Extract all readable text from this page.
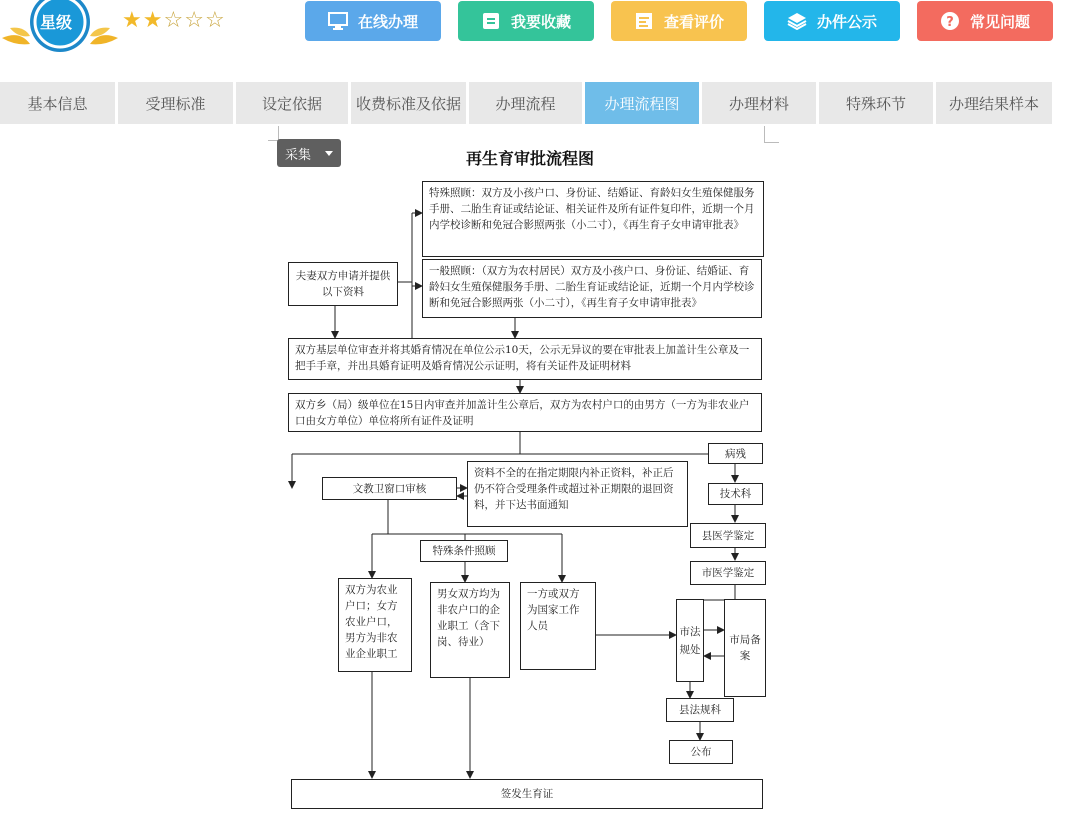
星级 ★★☆☆☆	在线办理	我要收藏	查看评价	办件公示	? 常见问题
基本信息	受理标准	设定依据	收费标准及依据	办理流程	办理流程图	办理材料	特殊环节	办理结果样本
采集	再生育审批流程图
夫妻双方申请并提供以下资料
特殊照顾：双方及小孩户口、身份证、结婚证、育龄妇女生殖保健服务手册、二胎生育证或结论证、相关证件及所有证件复印件，近期一个月内学校诊断和免冠合影照两张（小二寸），《再生育子女申请审批表》
一般照顾：（双方为农村居民）双方及小孩户口、身份证、结婚证、育龄妇女生殖保健服务手册、二胎生育证或结论证，近期一个月内学校诊断和免冠合影照两张（小二寸），《再生育子女申请审批表》
双方基层单位审查并将其婚育情况在单位公示10天，公示无异议的要在审批表上加盖计生公章及一把手手章，并出具婚育证明及婚育情况公示证明，将有关证件及证明材料
双方乡（局）级单位在15日内审查并加盖计生公章后，双方为农村户口的由男方（一方为非农业户口由女方单位）单位将所有证件及证明
文教卫窗口审核
资料不全的在指定期限内补正资料，补正后仍不符合受理条件或超过补正期限的退回资料，并下达书面通知
病残
技术科
县医学鉴定
市医学鉴定
特殊条件照顾
双方为农业户口；女方农业户口，男方为非农业企业职工
男女双方均为非农户口的企业职工（含下岗、待业）
一方或双方为国家工作人员	市法规处
市局备案
县法规科
公布
签发生育证
